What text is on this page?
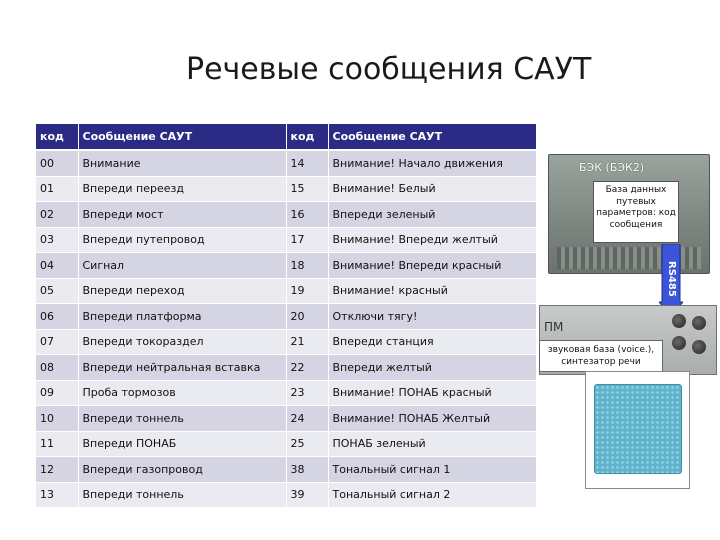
Речевые сообщения САУТ
код	Сообщение САУТ	код	Сообщение САУТ
00	Внимание	14	Внимание! Начало движения
01	Впереди переезд	15	Внимание! Белый
02	Впереди мост	16	Впереди зеленый
03	Впереди путепровод	17	Внимание! Впереди желтый
04	Сигнал	18	Внимание! Впереди красный
05	Впереди переход	19	Внимание! красный
06	Впереди платформа	20	Отключи тягу!
07	Впереди токораздел	21	Впереди станция
08	Впереди нейтральная вставка	22	Впереди желтый
09	Проба тормозов	23	Внимание! ПОНАБ красный
10	Впереди тоннель	24	Внимание! ПОНАБ Желтый
11	Впереди ПОНАБ	25	ПОНАБ зеленый
12	Впереди газопровод	38	Тональный сигнал 1
13	Впереди тоннель	39	Тональный сигнал 2
БЭК (БЭК2)
База данных путевых параметров: код сообщения
RS485
ПМ
звуковая база (voice.), синтезатор речи
